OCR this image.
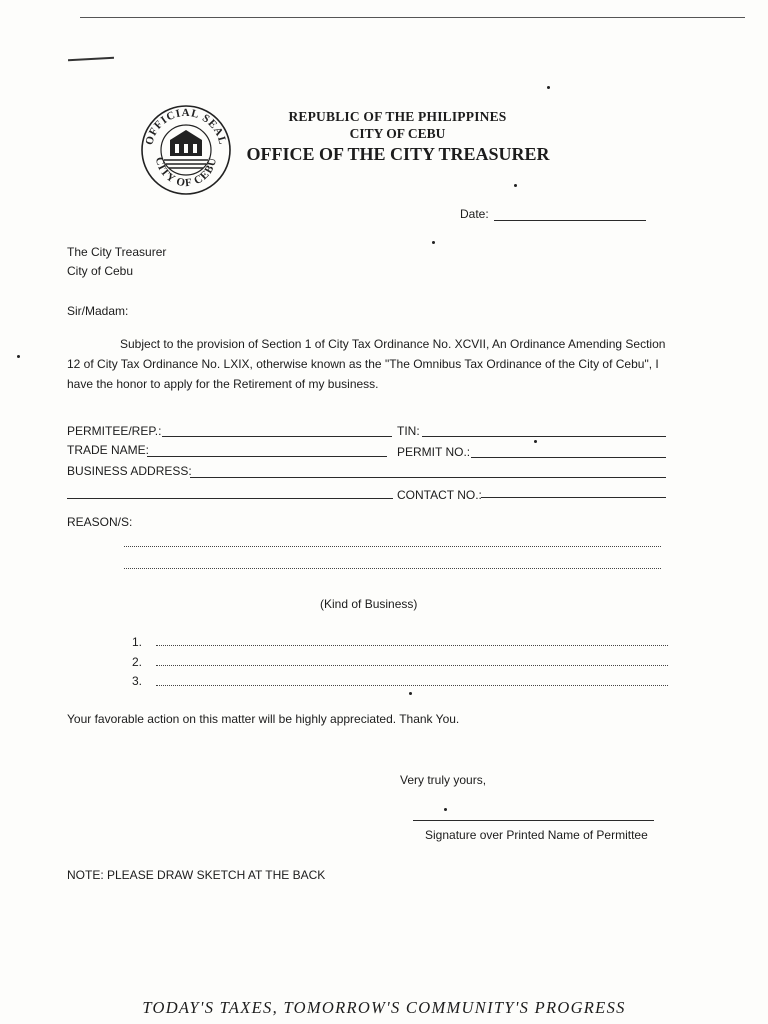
OFFICIAL SEAL
CITY OF CEBU
REPUBLIC OF THE PHILIPPINES
CITY OF CEBU
OFFICE OF THE CITY TREASURER
Date:
The City Treasurer
City of Cebu
Sir/Madam:
Subject to the provision of Section 1 of City Tax Ordinance No. XCVII, An Ordinance Amending Section 12 of City Tax Ordinance No. LXIX, otherwise known as the "The Omnibus Tax Ordinance of the City of Cebu", I have the honor to apply for the Retirement of my business.
PERMITEE/REP.:	TIN:
TRADE NAME:	PERMIT NO.:
BUSINESS ADDRESS:
CONTACT NO.:
REASON/S:
(Kind of Business)
1.
2.
3.
Your favorable action on this matter will be highly appreciated. Thank You.
Very truly yours,
Signature over Printed Name of Permittee
NOTE: PLEASE DRAW SKETCH AT THE BACK
TODAY'S TAXES, TOMORROW'S COMMUNITY'S PROGRESS
